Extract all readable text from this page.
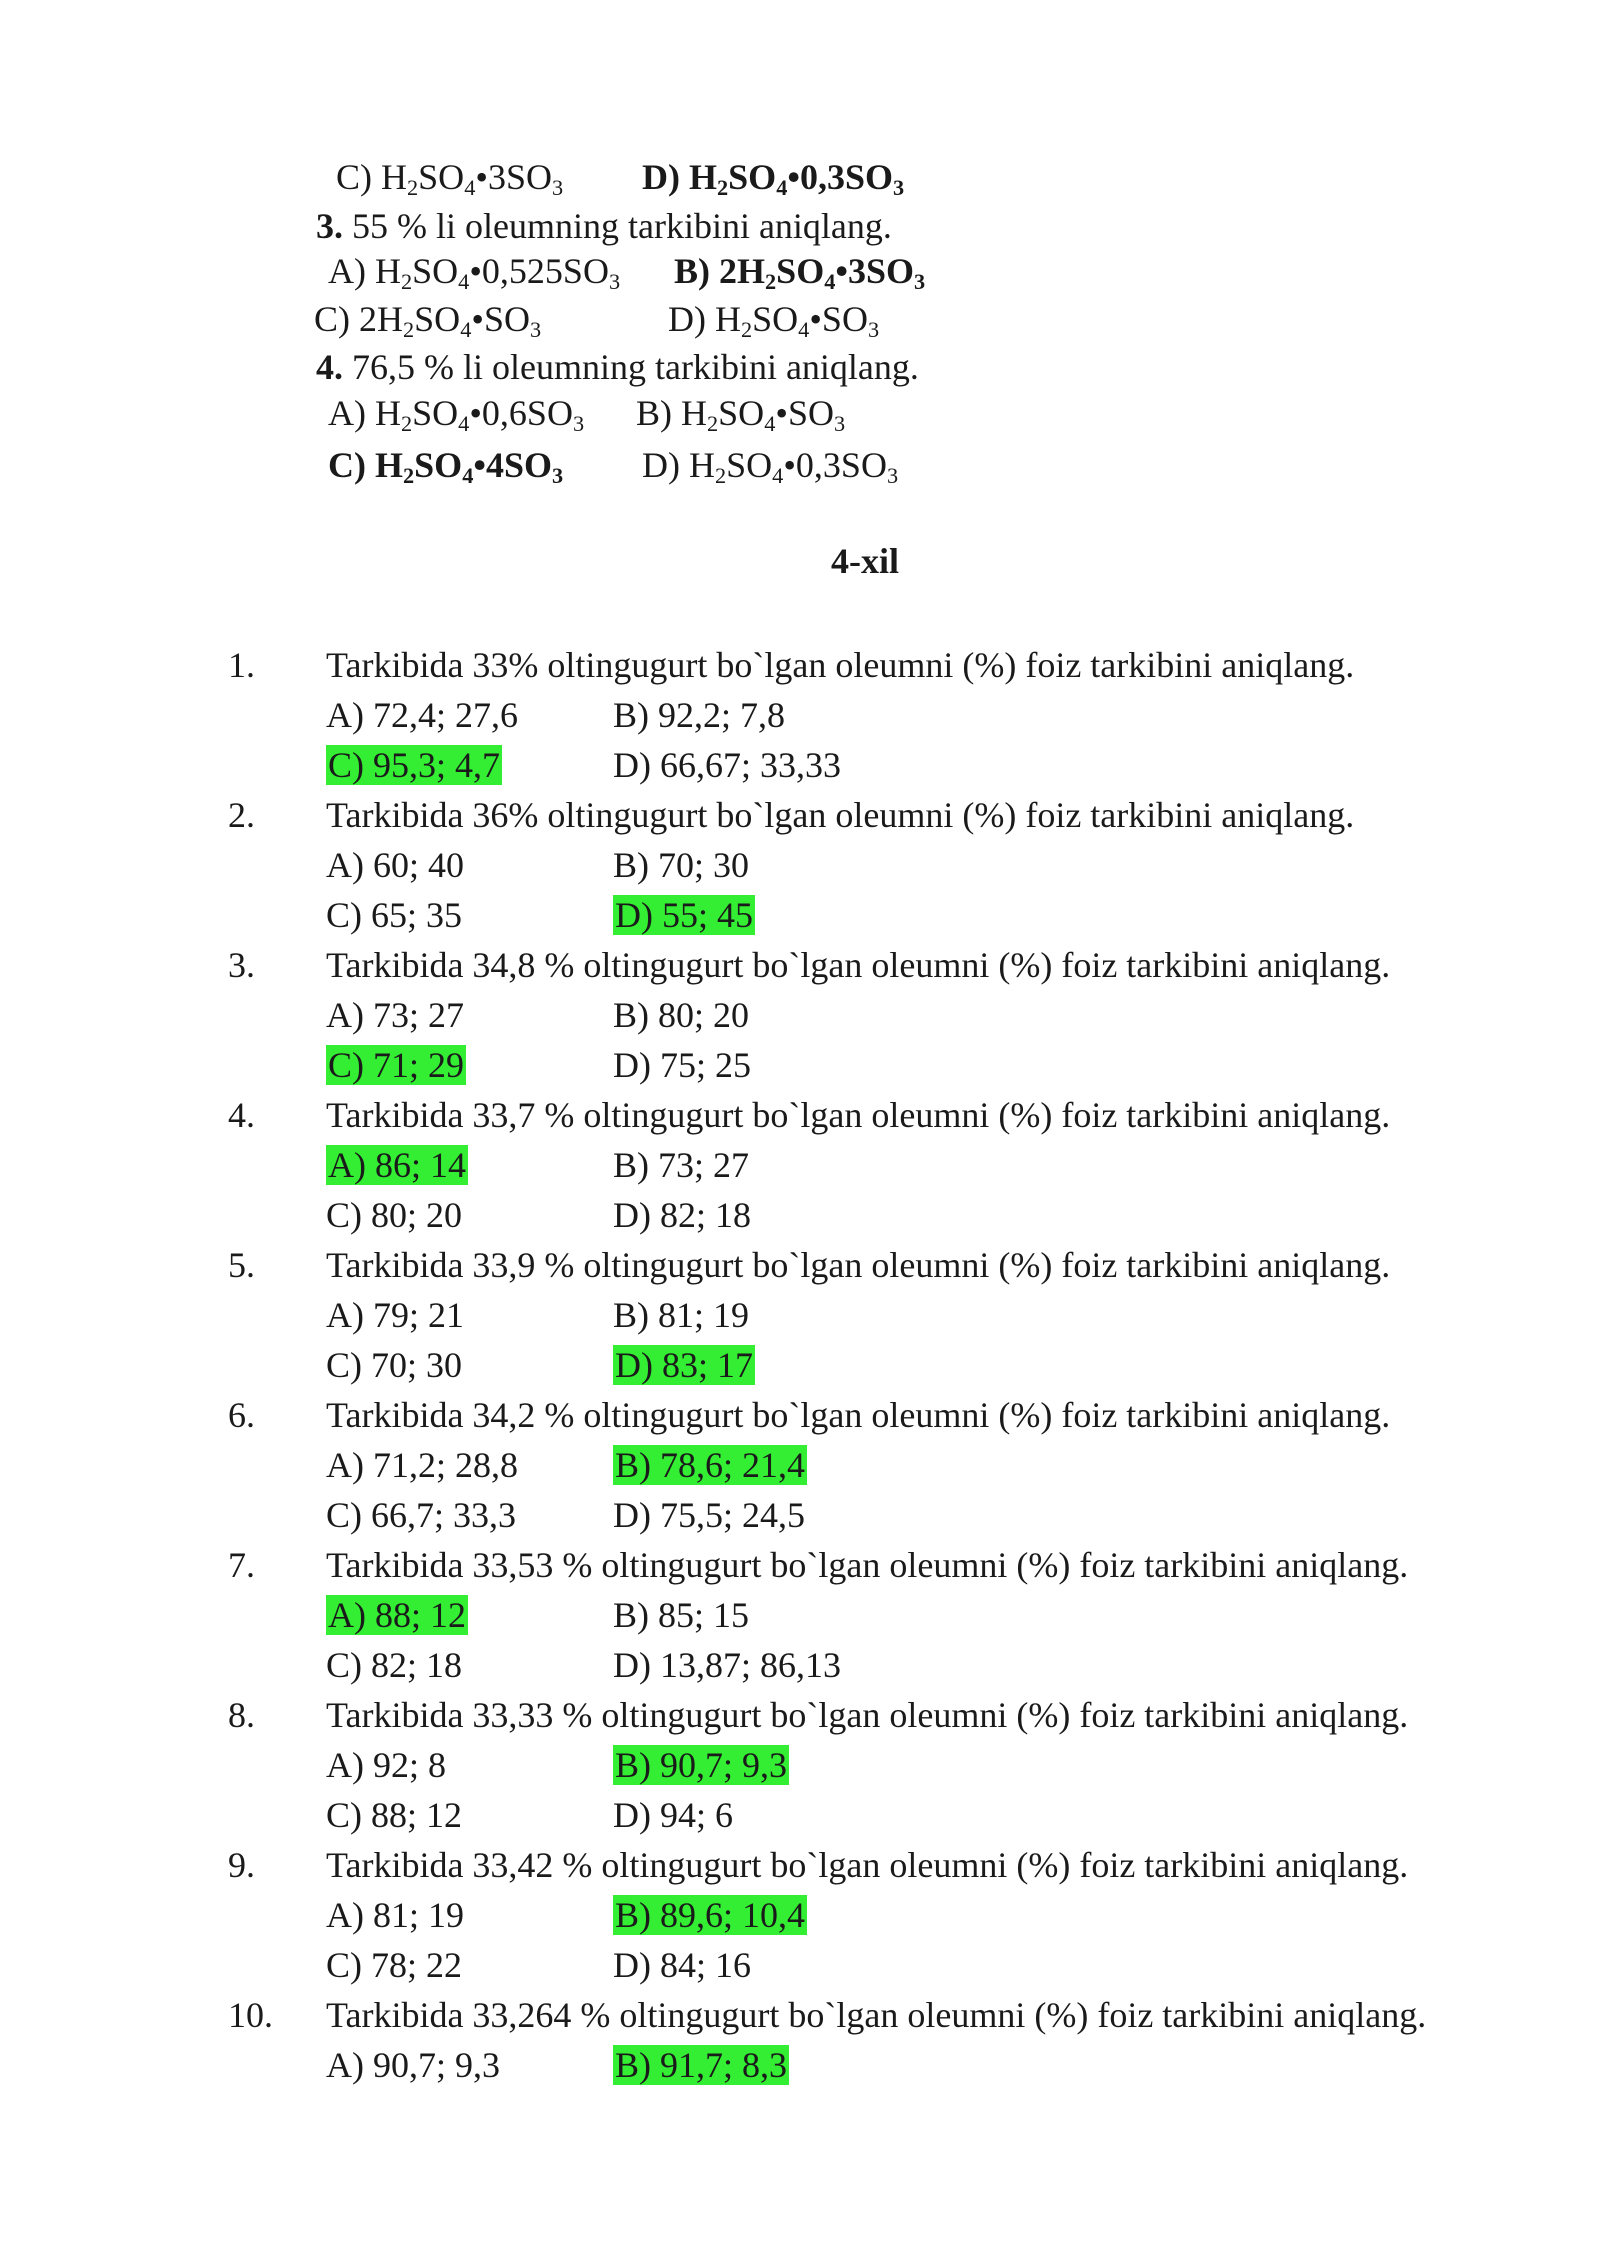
C) $H_2SO_4•3SO_3$ D) $H_2SO_4•0,3SO_3$
3. 55 % li oleumning tarkibini aniqlang.
A) $H_2SO_4•0,525SO_3$ B) $2H_2SO_4•3SO_3$
C) $2H_2SO_4•SO_3$	D) $H_2SO_4•SO_3$
4. 76,5 % li oleumning tarkibini aniqlang.
A) $H_2SO_4•0,6SO_3$ B) $H_2SO_4•SO_3$
C) $H_2SO_4•4SO_3$ D) $H_2SO_4•0,3SO_3$
4-xil
1. Tarkibida 33% oltingugurt bo`lgan oleumni (%) foiz tarkibini aniqlang.
A) 72,4; 27,6	B) 92,2; 7,8
C) 95,3; 4,7	D) 66,67; 33,33
2. Tarkibida 36% oltingugurt bo`lgan oleumni (%) foiz tarkibini aniqlang.
A) 60; 40	B) 70; 30
C) 65; 35	D) 55; 45
3. Tarkibida 34,8 % oltingugurt bo`lgan oleumni (%) foiz tarkibini aniqlang.
A) 73; 27	B) 80; 20
C) 71; 29	D) 75; 25
4. Tarkibida 33,7 % oltingugurt bo`lgan oleumni (%) foiz tarkibini aniqlang.
A) 86; 14	B) 73; 27
C) 80; 20	D) 82; 18
5. Tarkibida 33,9 % oltingugurt bo`lgan oleumni (%) foiz tarkibini aniqlang.
A) 79; 21	B) 81; 19
C) 70; 30	D) 83; 17
6. Tarkibida 34,2 % oltingugurt bo`lgan oleumni (%) foiz tarkibini aniqlang.
A) 71,2; 28,8	B) 78,6; 21,4
C) 66,7; 33,3	D) 75,5; 24,5
7. Tarkibida 33,53 % oltingugurt bo`lgan oleumni (%) foiz tarkibini aniqlang.
A) 88; 12	B) 85; 15
C) 82; 18	D) 13,87; 86,13
8. Tarkibida 33,33 % oltingugurt bo`lgan oleumni (%) foiz tarkibini aniqlang.
A) 92; 8	B) 90,7; 9,3
C) 88; 12	D) 94; 6
9. Tarkibida 33,42 % oltingugurt bo`lgan oleumni (%) foiz tarkibini aniqlang.
A) 81; 19	B) 89,6; 10,4
C) 78; 22	D) 84; 16
10. Tarkibida 33,264 % oltingugurt bo`lgan oleumni (%) foiz tarkibini aniqlang.
A) 90,7; 9,3	B) 91,7; 8,3
